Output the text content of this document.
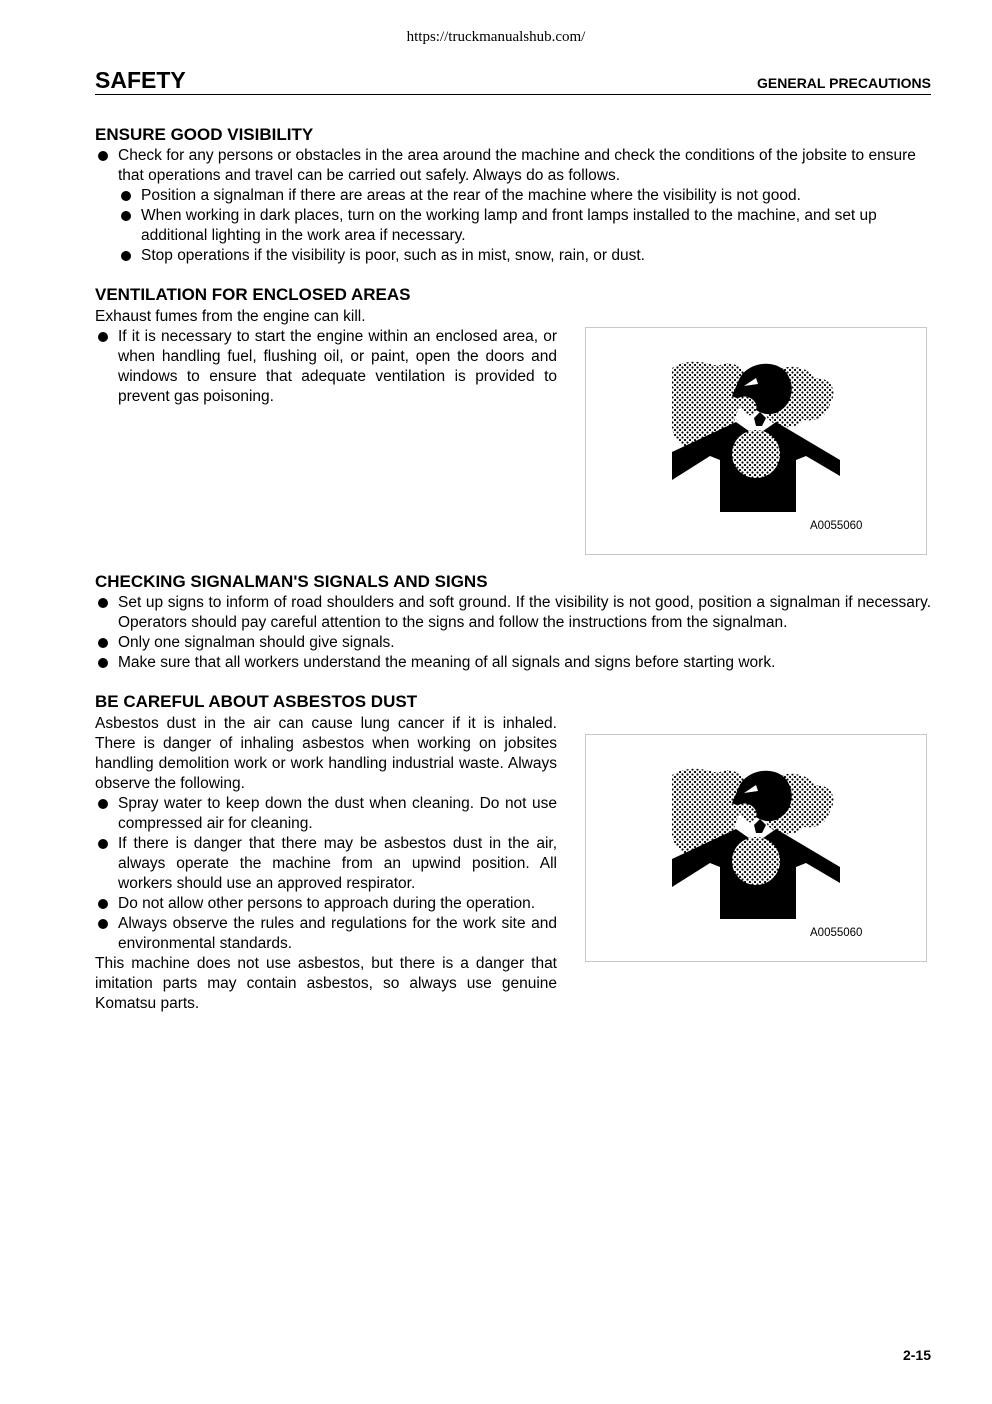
https://truckmanualshub.com/
SAFETY	GENERAL PRECAUTIONS
ENSURE GOOD VISIBILITY
Check for any persons or obstacles in the area around the machine and check the conditions of the jobsite to ensure that operations and travel can be carried out safely. Always do as follows.
Position a signalman if there are areas at the rear of the machine where the visibility is not good.
When working in dark places, turn on the working lamp and front lamps installed to the machine, and set up additional lighting in the work area if necessary.
Stop operations if the visibility is poor, such as in mist, snow, rain, or dust.
VENTILATION FOR ENCLOSED AREAS

Exhaust fumes from the engine can kill.

If it is necessary to start the engine within an enclosed area, or when handling fuel, flushing oil, or paint, open the doors and windows to ensure that adequate ventilation is provided to prevent gas poisoning.
A0055060
CHECKING SIGNALMAN'S SIGNALS AND SIGNS
Set up signs to inform of road shoulders and soft ground. If the visibility is not good, position a signalman if necessary. Operators should pay careful attention to the signs and follow the instructions from the signalman.
Only one signalman should give signals.
Make sure that all workers understand the meaning of all signals and signs before starting work.
BE CAREFUL ABOUT ASBESTOS DUST

Asbestos dust in the air can cause lung cancer if it is inhaled. There is danger of inhaling asbestos when working on jobsites handling demolition work or work handling industrial waste. Always observe the following.

Spray water to keep down the dust when cleaning. Do not use compressed air for cleaning.
If there is danger that there may be asbestos dust in the air, always operate the machine from an upwind position. All workers should use an approved respirator.
Do not allow other persons to approach during the operation.
Always observe the rules and regulations for the work site and environmental standards.

This machine does not use asbestos, but there is a danger that imitation parts may contain asbestos, so always use genuine Komatsu parts.

A0055060
2-15
